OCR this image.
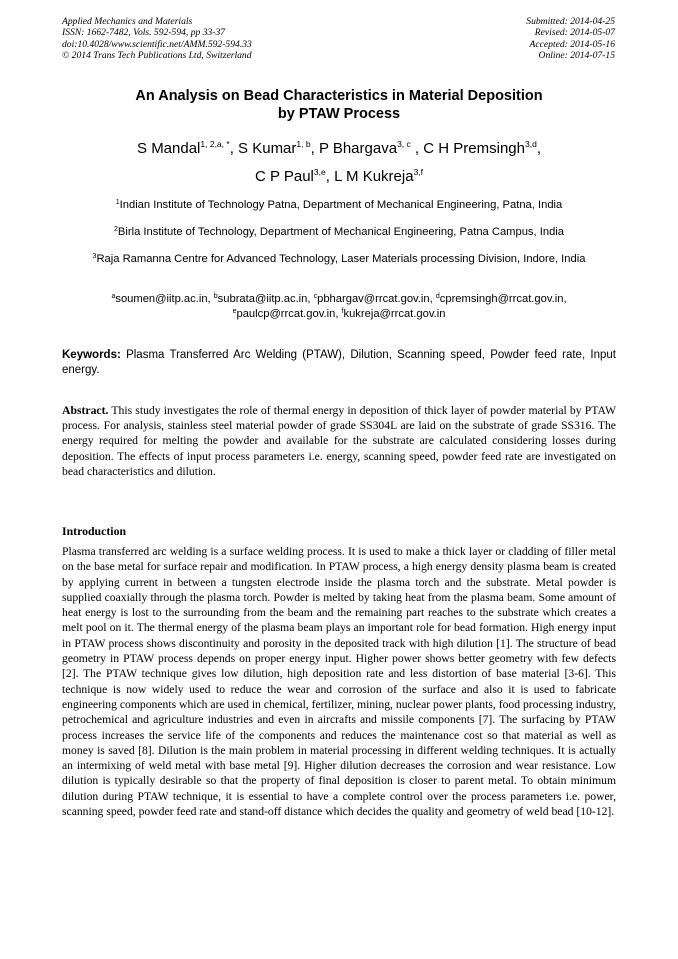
Applied Mechanics and Materials
ISSN: 1662-7482, Vols. 592-594, pp 33-37
doi:10.4028/www.scientific.net/AMM.592-594.33
© 2014 Trans Tech Publications Ltd, Switzerland
Submitted: 2014-04-25
Revised: 2014-05-07
Accepted: 2014-05-16
Online: 2014-07-15
An Analysis on Bead Characteristics in Material Deposition
by PTAW Process
S Mandal$^{1, 2,a, *}$, S Kumar$^{1, b}$, P Bhargava$^{3, c}$ , C H Premsingh$^{3,d}$,
C P Paul$^{3,e}$, L M Kukreja$^{3,f}$
$^1$Indian Institute of Technology Patna, Department of Mechanical Engineering, Patna, India
$^2$Birla Institute of Technology, Department of Mechanical Engineering, Patna Campus, India
$^3$Raja Ramanna Centre for Advanced Technology, Laser Materials processing Division, Indore, India
$^a$soumen@iitp.ac.in, $^b$subrata@iitp.ac.in, $^c$pbhargav@rrcat.gov.in, $^d$cpremsingh@rrcat.gov.in,
$^e$paulcp@rrcat.gov.in, $^f$kukreja@rrcat.gov.in
Keywords: Plasma Transferred Arc Welding (PTAW), Dilution, Scanning speed, Powder feed rate, Input energy.
Abstract. This study investigates the role of thermal energy in deposition of thick layer of powder material by PTAW process. For analysis, stainless steel material powder of grade SS304L are laid on the substrate of grade SS316. The energy required for melting the powder and available for the substrate are calculated considering losses during deposition. The effects of input process parameters i.e. energy, scanning speed, powder feed rate are investigated on bead characteristics and dilution.
Introduction
Plasma transferred arc welding is a surface welding process. It is used to make a thick layer or cladding of filler metal on the base metal for surface repair and modification. In PTAW process, a high energy density plasma beam is created by applying current in between a tungsten electrode inside the plasma torch and the substrate. Metal powder is supplied coaxially through the plasma torch. Powder is melted by taking heat from the plasma beam. Some amount of heat energy is lost to the surrounding from the beam and the remaining part reaches to the substrate which creates a melt pool on it. The thermal energy of the plasma beam plays an important role for bead formation. High energy input in PTAW process shows discontinuity and porosity in the deposited track with high dilution [1]. The structure of bead geometry in PTAW process depends on proper energy input. Higher power shows better geometry with few defects [2]. The PTAW technique gives low dilution, high deposition rate and less distortion of base material [3-6]. This technique is now widely used to reduce the wear and corrosion of the surface and also it is used to fabricate engineering components which are used in chemical, fertilizer, mining, nuclear power plants, food processing industry, petrochemical and agriculture industries and even in aircrafts and missile components [7]. The surfacing by PTAW process increases the service life of the components and reduces the maintenance cost so that material as well as money is saved [8]. Dilution is the main problem in material processing in different welding techniques. It is actually an intermixing of weld metal with base metal [9]. Higher dilution decreases the corrosion and wear resistance. Low dilution is typically desirable so that the property of final deposition is closer to parent metal. To obtain minimum dilution during PTAW technique, it is essential to have a complete control over the process parameters i.e. power, scanning speed, powder feed rate and stand-off distance which decides the quality and geometry of weld bead [10-12].
